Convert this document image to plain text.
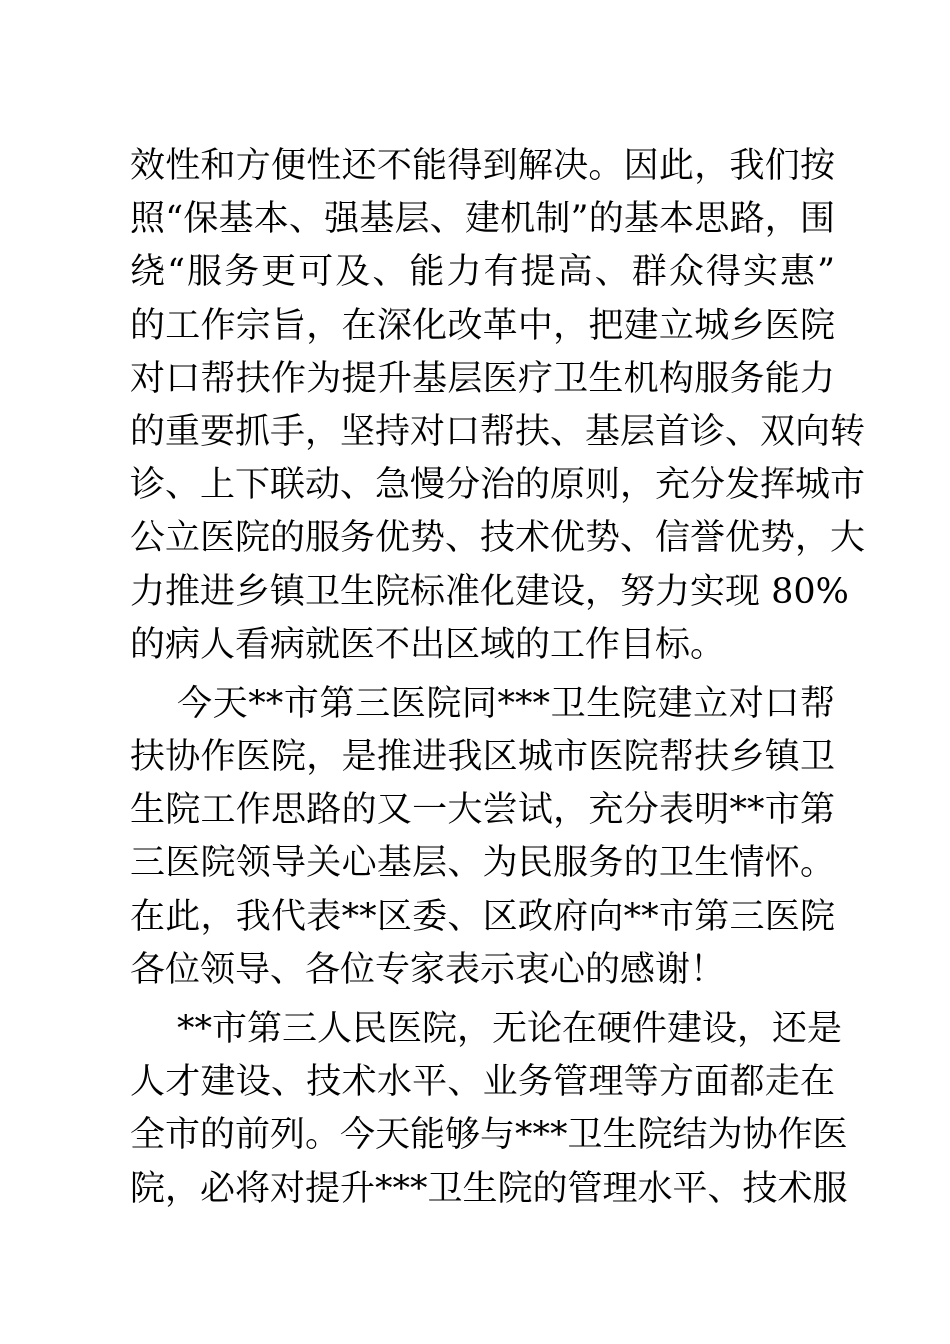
效性和方便性还不能得到解决。因此，我们按
照“保基本、强基层、建机制”的基本思路，围
绕“服务更可及、能力有提高、群众得实惠”
的工作宗旨，在深化改革中，把建立城乡医院
对口帮扶作为提升基层医疗卫生机构服务能力
的重要抓手，坚持对口帮扶、基层首诊、双向转
诊、上下联动、急慢分治的原则，充分发挥城市
公立医院的服务优势、技术优势、信誉优势，大
力推进乡镇卫生院标准化建设，努力实现 80%
的病人看病就医不出区域的工作目标。
今天**市第三医院同***卫生院建立对口帮
扶协作医院，是推进我区城市医院帮扶乡镇卫
生院工作思路的又一大尝试，充分表明**市第
三医院领导关心基层、为民服务的卫生情怀。
在此，我代表**区委、区政府向**市第三医院
各位领导、各位专家表示衷心的感谢！
**市第三人民医院，无论在硬件建设，还是
人才建设、技术水平、业务管理等方面都走在
全市的前列。今天能够与***卫生院结为协作医
院，必将对提升***卫生院的管理水平、技术服
